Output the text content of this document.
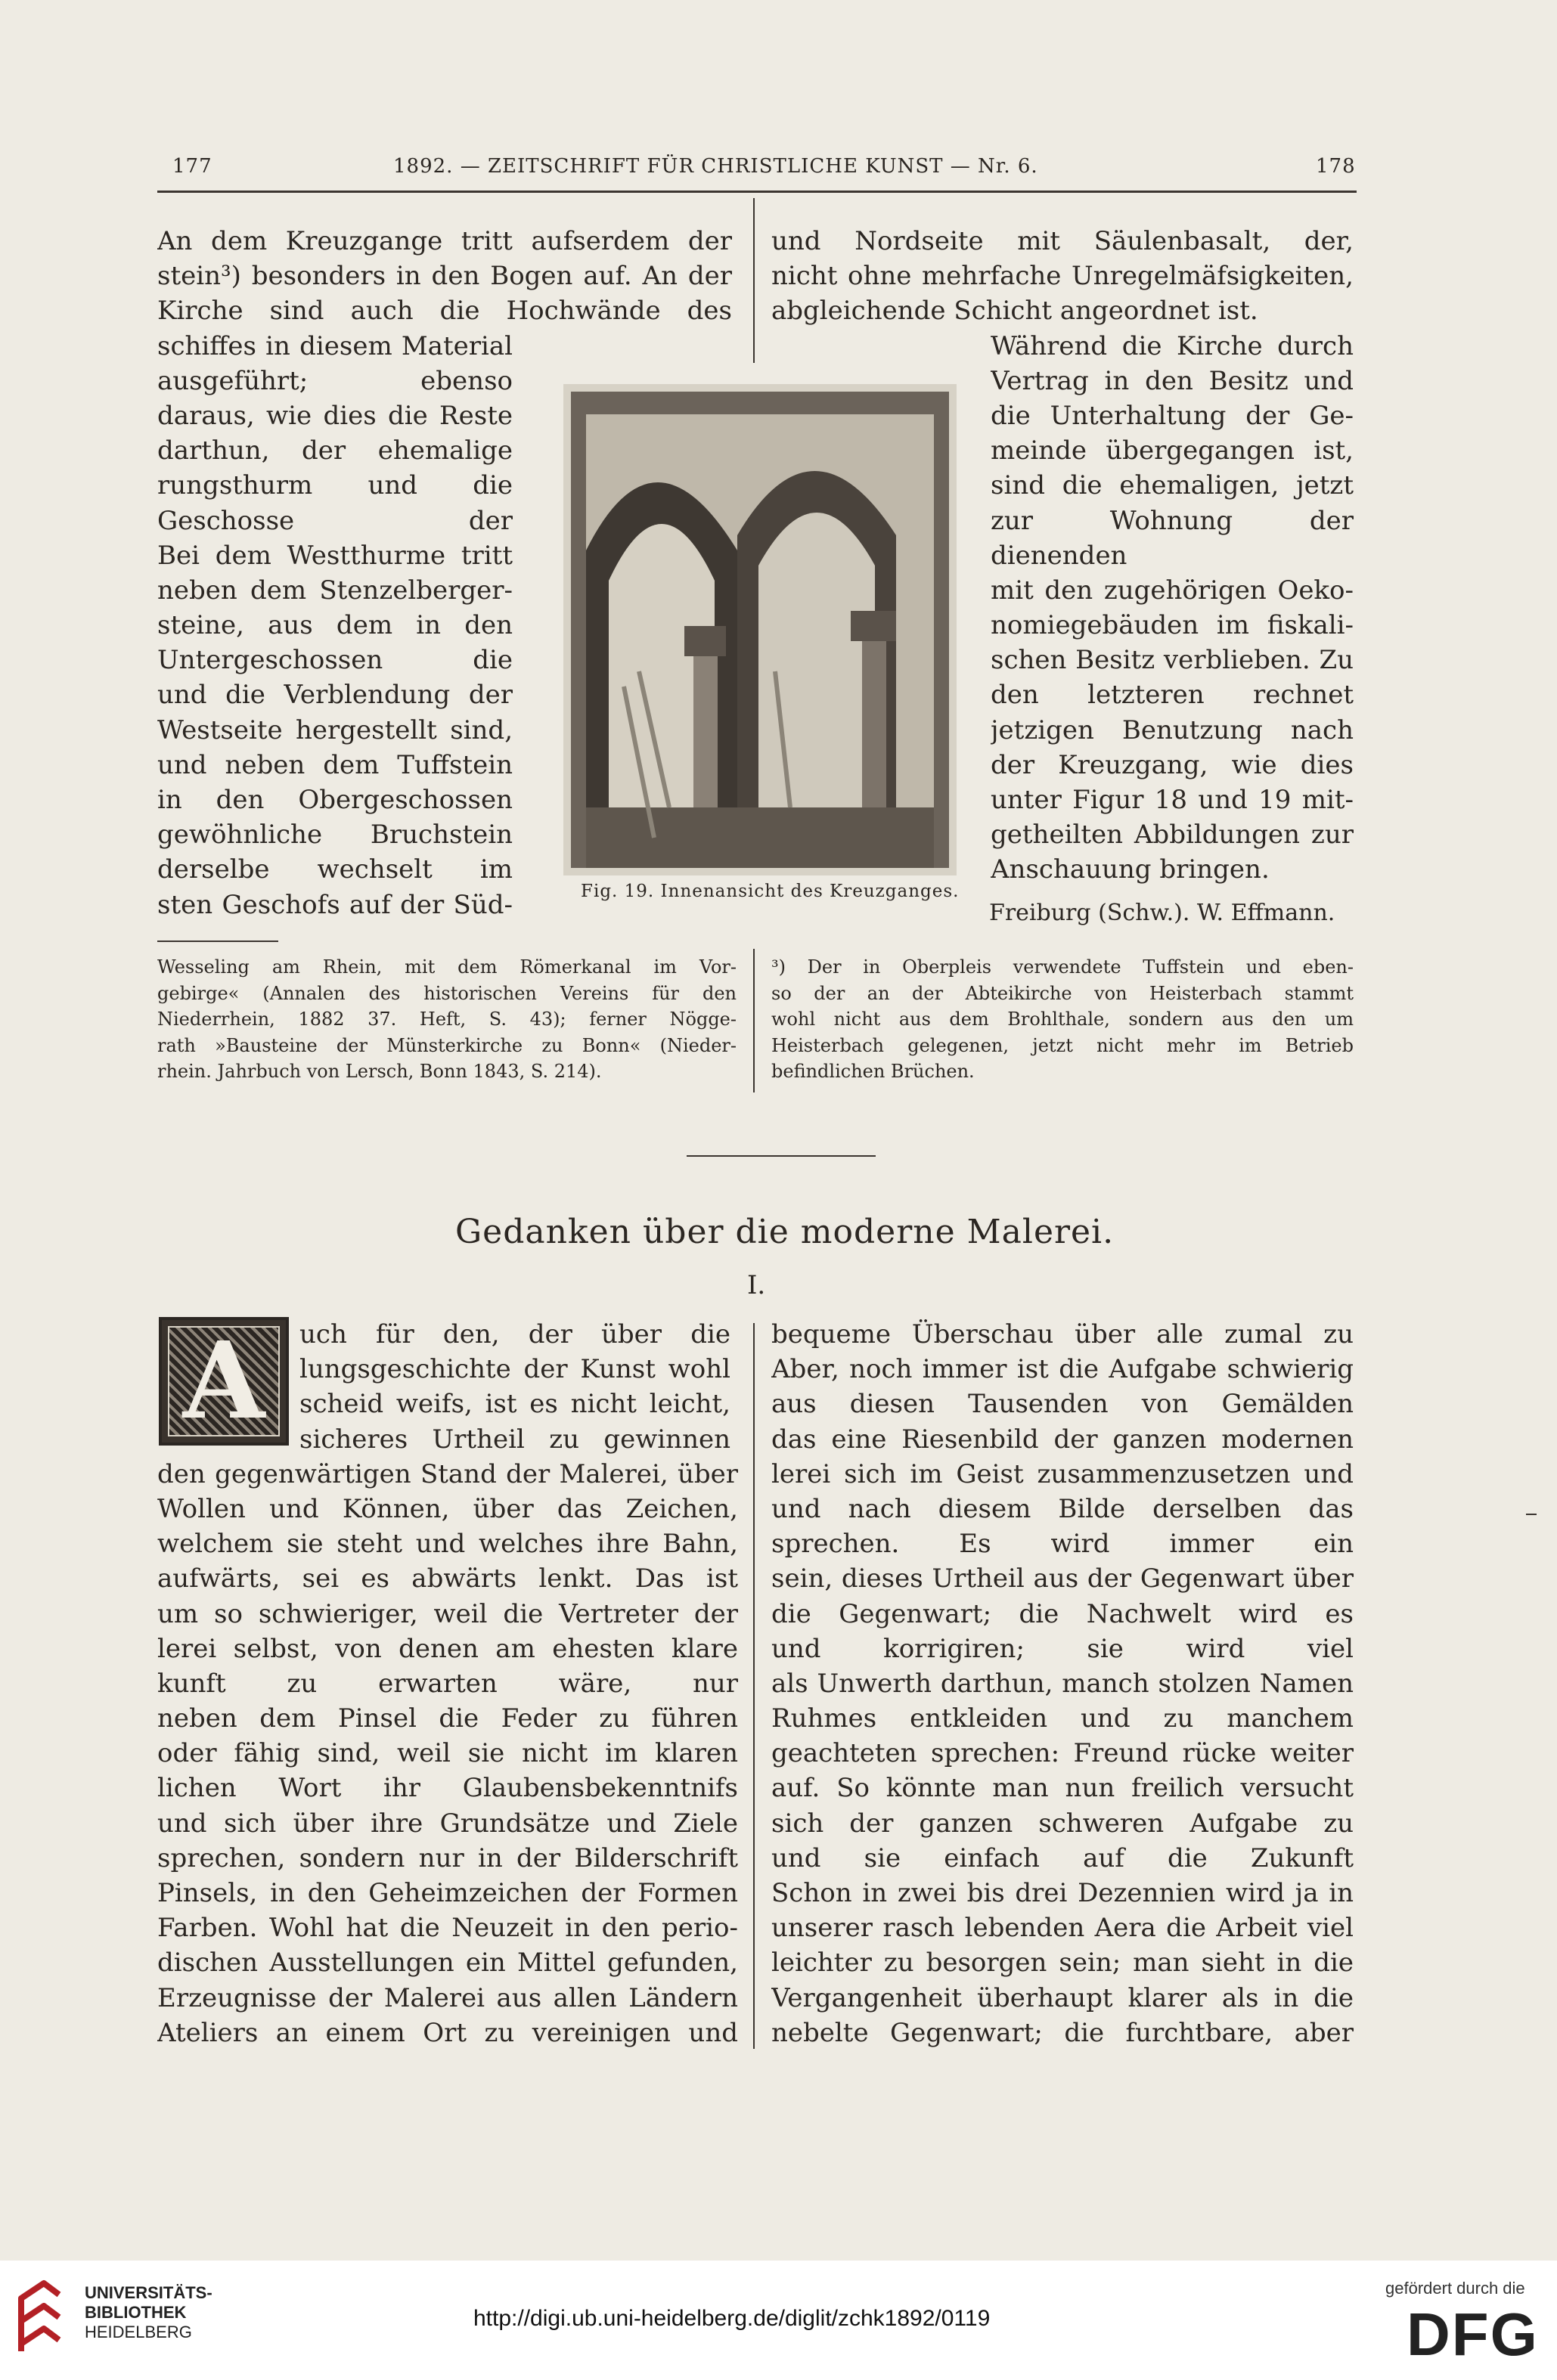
177	1892. — ZEITSCHRIFT FÜR CHRISTLICHE KUNST — Nr. 6.	178
An dem Kreuzgange tritt aufserdem der
stein³) besonders in den Bogen auf. An der
Kirche sind auch die Hochwände des
schiffes in diesem Material
ausgeführt; ebenso
daraus, wie dies die Reste
darthun, der ehemalige
rungsthurm und die
Geschosse der
Bei dem Westthurme tritt
neben dem Stenzelberger-
steine, aus dem in den
Untergeschossen die
und die Verblendung der
Westseite hergestellt sind,
und neben dem Tuffstein
in den Obergeschossen
gewöhnliche Bruchstein
derselbe wechselt im
sten Geschofs auf der Süd-
und Nordseite mit Säulenbasalt, der,
nicht ohne mehrfache Unregelmäfsigkeiten,
abgleichende Schicht angeordnet ist.
Während die Kirche durch
Vertrag in den Besitz und
die Unterhaltung der Ge-
meinde übergegangen ist,
sind die ehemaligen, jetzt
zur Wohnung der
dienenden
mit den zugehörigen Oeko-
nomiegebäuden im fiskali-
schen Besitz verblieben. Zu
den letzteren rechnet
jetzigen Benutzung nach
der Kreuzgang, wie dies
unter Figur 18 und 19 mit-
getheilten Abbildungen zur
Anschauung bringen.
Fig. 19. Innenansicht des Kreuzganges.
Freiburg (Schw.). W. Effmann.
Wesseling am Rhein, mit dem Römerkanal im Vor-
gebirge« (Annalen des historischen Vereins für den
Niederrhein, 1882 37. Heft, S. 43); ferner Nögge-
rath »Bausteine der Münsterkirche zu Bonn« (Nieder-
rhein. Jahrbuch von Lersch, Bonn 1843, S. 214).
³) Der in Oberpleis verwendete Tuffstein und eben-
so der an der Abteikirche von Heisterbach stammt
wohl nicht aus dem Brohlthale, sondern aus den um
Heisterbach gelegenen, jetzt nicht mehr im Betrieb
befindlichen Brüchen.
Gedanken über die moderne Malerei.
I.
A	uch für den, der über die
lungsgeschichte der Kunst wohl
scheid weifs, ist es nicht leicht,
sicheres Urtheil zu gewinnen
den gegenwärtigen Stand der Malerei, über
Wollen und Können, über das Zeichen,
welchem sie steht und welches ihre Bahn,
aufwärts, sei es abwärts lenkt. Das ist
um so schwieriger, weil die Vertreter der
lerei selbst, von denen am ehesten klare
kunft zu erwarten wäre, nur
neben dem Pinsel die Feder zu führen
oder fähig sind, weil sie nicht im klaren
lichen Wort ihr Glaubensbekenntnifs
und sich über ihre Grundsätze und Ziele
sprechen, sondern nur in der Bilderschrift
Pinsels, in den Geheimzeichen der Formen
Farben. Wohl hat die Neuzeit in den perio-
dischen Ausstellungen ein Mittel gefunden,
Erzeugnisse der Malerei aus allen Ländern
Ateliers an einem Ort zu vereinigen und
bequeme Überschau über alle zumal zu
Aber, noch immer ist die Aufgabe schwierig
aus diesen Tausenden von Gemälden
das eine Riesenbild der ganzen modernen
lerei sich im Geist zusammenzusetzen und
und nach diesem Bilde derselben das
sprechen. Es wird immer ein
sein, dieses Urtheil aus der Gegenwart über
die Gegenwart; die Nachwelt wird es
und korrigiren; sie wird viel
als Unwerth darthun, manch stolzen Namen
Ruhmes entkleiden und zu manchem
geachteten sprechen: Freund rücke weiter
auf. So könnte man nun freilich versucht
sich der ganzen schweren Aufgabe zu
und sie einfach auf die Zukunft
Schon in zwei bis drei Dezennien wird ja in
unserer rasch lebenden Aera die Arbeit viel
leichter zu besorgen sein; man sieht in die
Vergangenheit überhaupt klarer als in die
nebelte Gegenwart; die furchtbare, aber
UNIVERSITÄTS-
BIBLIOTHEK
HEIDELBERG
http://digi.ub.uni-heidelberg.de/diglit/zchk1892/0119
gefördert durch die
DFG
